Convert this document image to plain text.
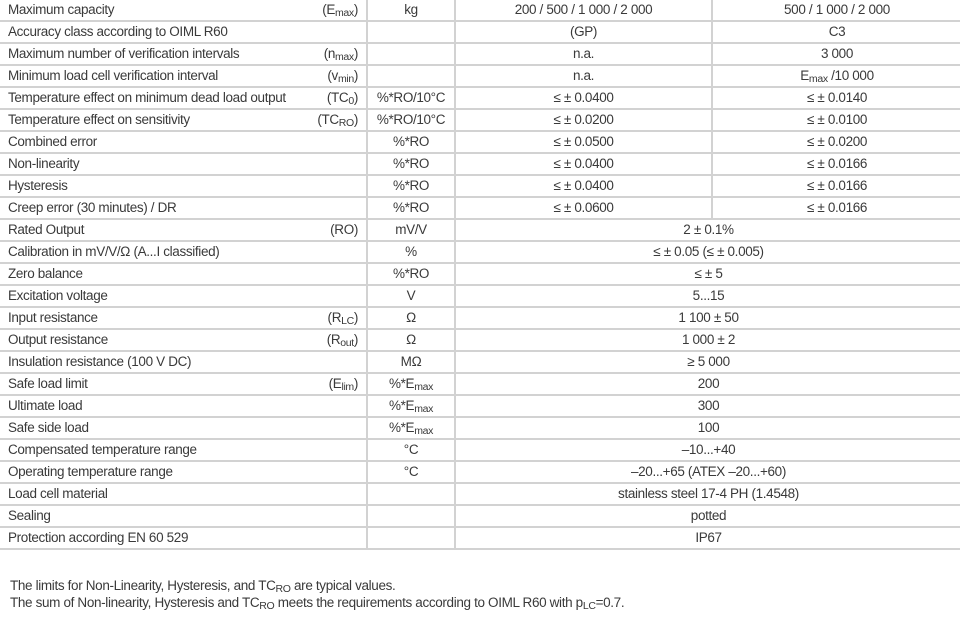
Maximum capacity	$(E_{max})$	kg	200 / 500 / 1 000 / 2 000	500 / 1 000 / 2 000
Accuracy class according to OIML R60			(GP)	C3
Maximum number of verification intervals	$(n_{max})$		n.a.	3 000
Minimum load cell verification interval	$(v_{min})$		n.a.	$E_{max}$ /10 000
Temperature effect on minimum dead load output	$(TC_0)$	%*RO/10°C	≤ ± 0.0400	≤ ± 0.0140
Temperature effect on sensitivity	$(TC_{RO})$	%*RO/10°C	≤ ± 0.0200	≤ ± 0.0100
Combined error		%*RO	≤ ± 0.0500	≤ ± 0.0200
Non-linearity		%*RO	≤ ± 0.0400	≤ ± 0.0166
Hysteresis		%*RO	≤ ± 0.0400	≤ ± 0.0166
Creep error (30 minutes) / DR		%*RO	≤ ± 0.0600	≤ ± 0.0166
Rated Output	(RO)	mV/V	2 ± 0.1%	
Calibration in mV/V/Ω (A...I classified)		%	≤ ± 0.05 (≤ ± 0.005)	
Zero balance		%*RO	≤ ± 5	
Excitation voltage		V	5...15	
Input resistance	$(R_{LC})$	Ω	1 100 ± 50	
Output resistance	$(R_{out})$	Ω	1 000 ± 2	
Insulation resistance (100 V DC)		MΩ	≥ 5 000	
Safe load limit	$(E_{lim})$	$\%*E_{max}$	200	
Ultimate load		$\%*E_{max}$	300	
Safe side load		$\%*E_{max}$	100	
Compensated temperature range		°C	–10...+40	
Operating temperature range		°C	–20...+65 (ATEX –20...+60)	
Load cell material			stainless steel 17-4 PH (1.4548)	
Sealing			potted	
Protection according EN 60 529			IP67	
The limits for Non-Linearity, Hysteresis, and $TC_{RO}$ are typical values.
The sum of Non-linearity, Hysteresis and $TC_{RO}$ meets the requirements according to OIML R60 with $p_{LC}=0.7$.
